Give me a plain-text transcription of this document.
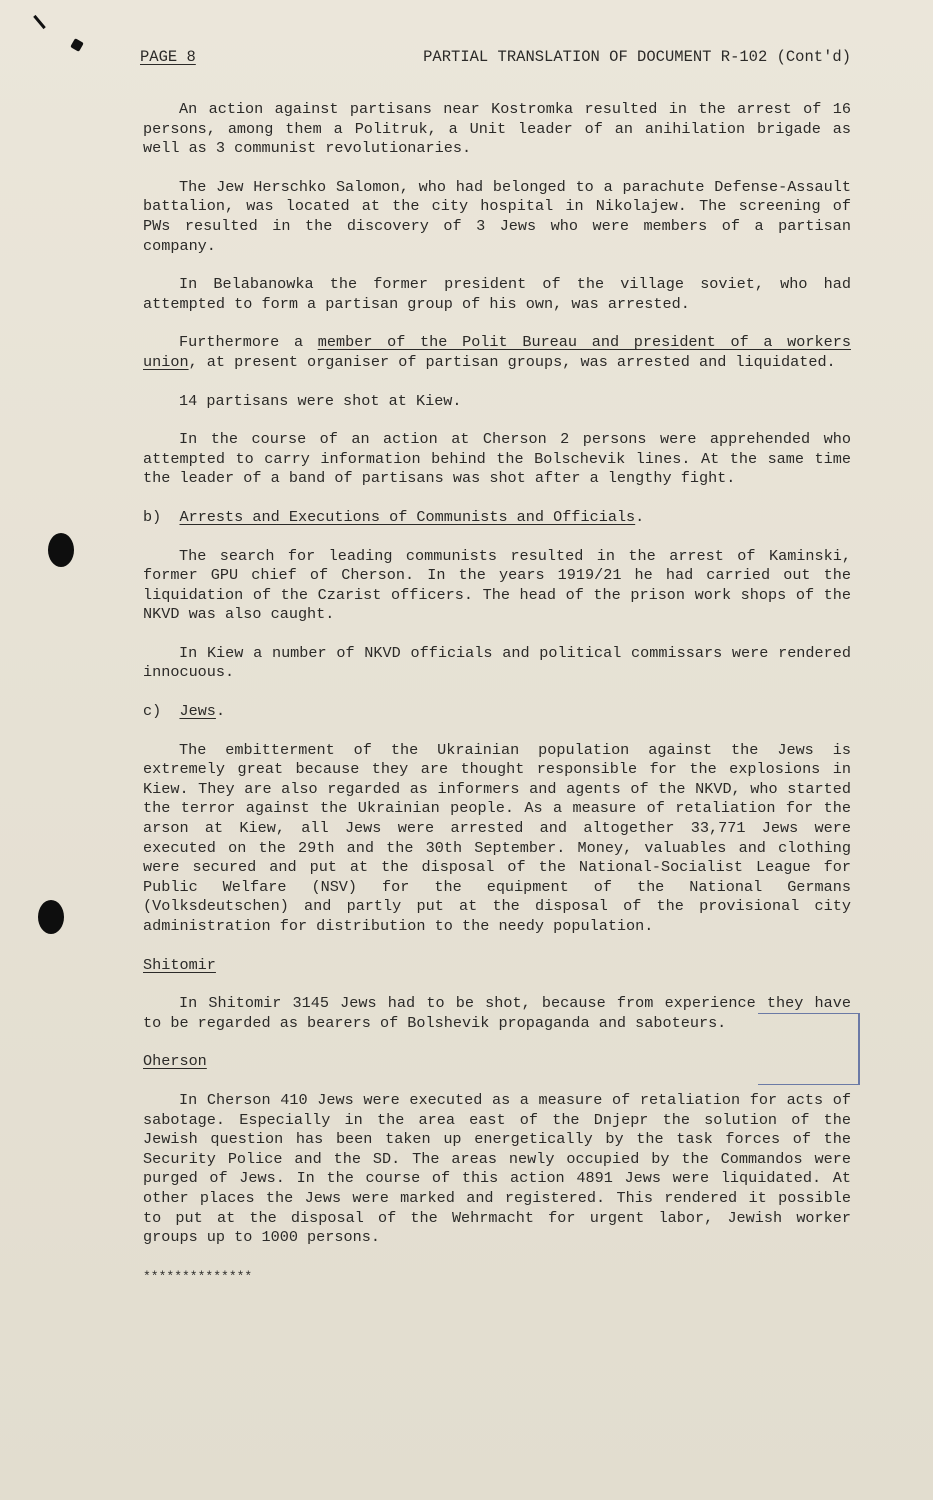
PAGE 8	PARTIAL TRANSLATION OF DOCUMENT R-102 (Cont'd)

An action against partisans near Kostromka resulted in the arrest of 16 persons, among them a Politruk, a Unit leader of an anihilation brigade as well as 3 communist revolutionaries.

The Jew Herschko Salomon, who had belonged to a parachute Defense-Assault battalion, was located at the city hospital in Nikolajew. The screening of PWs resulted in the discovery of 3 Jews who were members of a partisan company.

In Belabanowka the former president of the village soviet, who had attempted to form a partisan group of his own, was arrested.

Furthermore a member of the Polit Bureau and president of a workers union, at present organiser of partisan groups, was arrested and liquidated.

14 partisans were shot at Kiew.

In the course of an action at Cherson 2 persons were apprehended who attempted to carry information behind the Bolschevik lines. At the same time the leader of a band of partisans was shot after a lengthy fight.

b) Arrests and Executions of Communists and Officials.

The search for leading communists resulted in the arrest of Kaminski, former GPU chief of Cherson. In the years 1919/21 he had carried out the liquidation of the Czarist officers. The head of the prison work shops of the NKVD was also caught.

In Kiew a number of NKVD officials and political commissars were rendered innocuous.

c) Jews.

The embitterment of the Ukrainian population against the Jews is extremely great because they are thought responsible for the explosions in Kiew. They are also regarded as informers and agents of the NKVD, who started the terror against the Ukrainian people. As a measure of retaliation for the arson at Kiew, all Jews were arrested and altogether 33,771 Jews were executed on the 29th and the 30th September. Money, valuables and clothing were secured and put at the disposal of the National-Socialist League for Public Welfare (NSV) for the equipment of the National Germans (Volksdeutschen) and partly put at the disposal of the provisional city administration for distribution to the needy population.

Shitomir

In Shitomir 3145 Jews had to be shot, because from experience they have to be regarded as bearers of Bolshevik propaganda and saboteurs.

Oherson

In Cherson 410 Jews were executed as a measure of retaliation for acts of sabotage. Especially in the area east of the Dnjepr the solution of the Jewish question has been taken up energetically by the task forces of the Security Police and the SD. The areas newly occupied by the Commandos were purged of Jews. In the course of this action 4891 Jews were liquidated. At other places the Jews were marked and registered. This rendered it possible to put at the disposal of the Wehrmacht for urgent labor, Jewish worker groups up to 1000 persons.

**************
